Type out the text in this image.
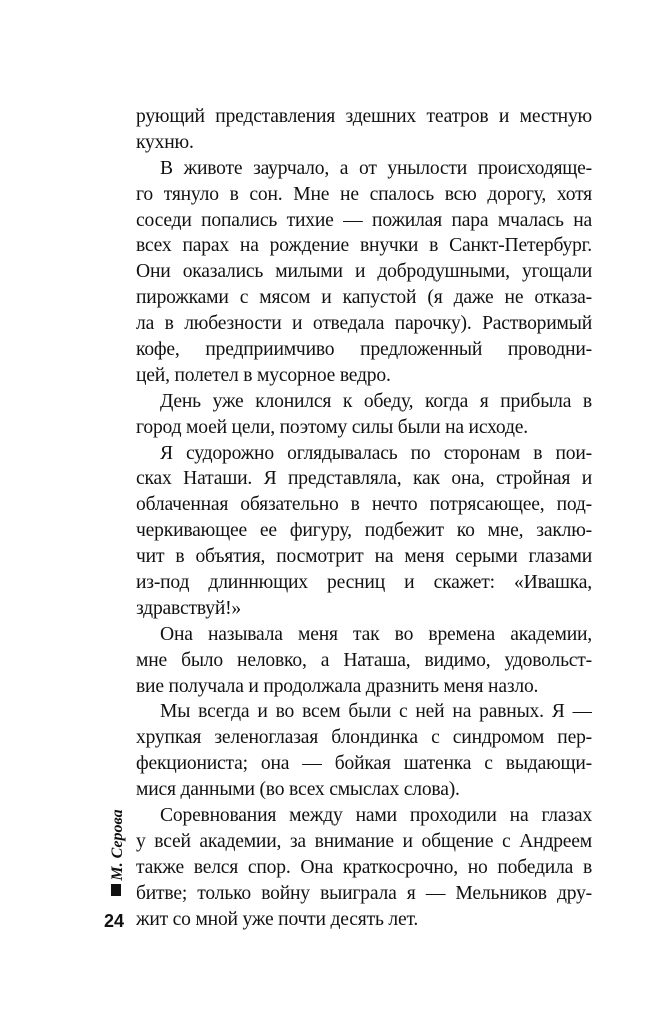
рующий представления здешних театров и местную
кухню.

В животе заурчало, а от унылости происходяще-
го тянуло в сон. Мне не спалось всю дорогу, хотя
соседи попались тихие — пожилая пара мчалась на
всех парах на рождение внучки в Санкт-Петербург.
Они оказались милыми и добродушными, угощали
пирожками с мясом и капустой (я даже не отказа-
ла в любезности и отведала парочку). Растворимый
кофе, предприимчиво предложенный проводни-
цей, полетел в мусорное ведро.

День уже клонился к обеду, когда я прибыла в
город моей цели, поэтому силы были на исходе.

Я судорожно оглядывалась по сторонам в пои-
сках Наташи. Я представляла, как она, стройная и
облаченная обязательно в нечто потрясающее, под-
черкивающее ее фигуру, подбежит ко мне, заклю-
чит в объятия, посмотрит на меня серыми глазами
из-под длиннющих ресниц и скажет: «Ивашка,
здравствуй!»

Она называла меня так во времена академии,
мне было неловко, а Наташа, видимо, удовольст-
вие получала и продолжала дразнить меня назло.

Мы всегда и во всем были с ней на равных. Я —
хрупкая зеленоглазая блондинка с синдромом пер-
фекциониста; она — бойкая шатенка с выдающи-
мися данными (во всех смыслах слова).

Соревнования между нами проходили на глазах
у всей академии, за внимание и общение с Андреем
также велся спор. Она краткосрочно, но победила в
битве; только войну выиграла я — Мельников дру-
жит со мной уже почти десять лет.

М. Серова
24
